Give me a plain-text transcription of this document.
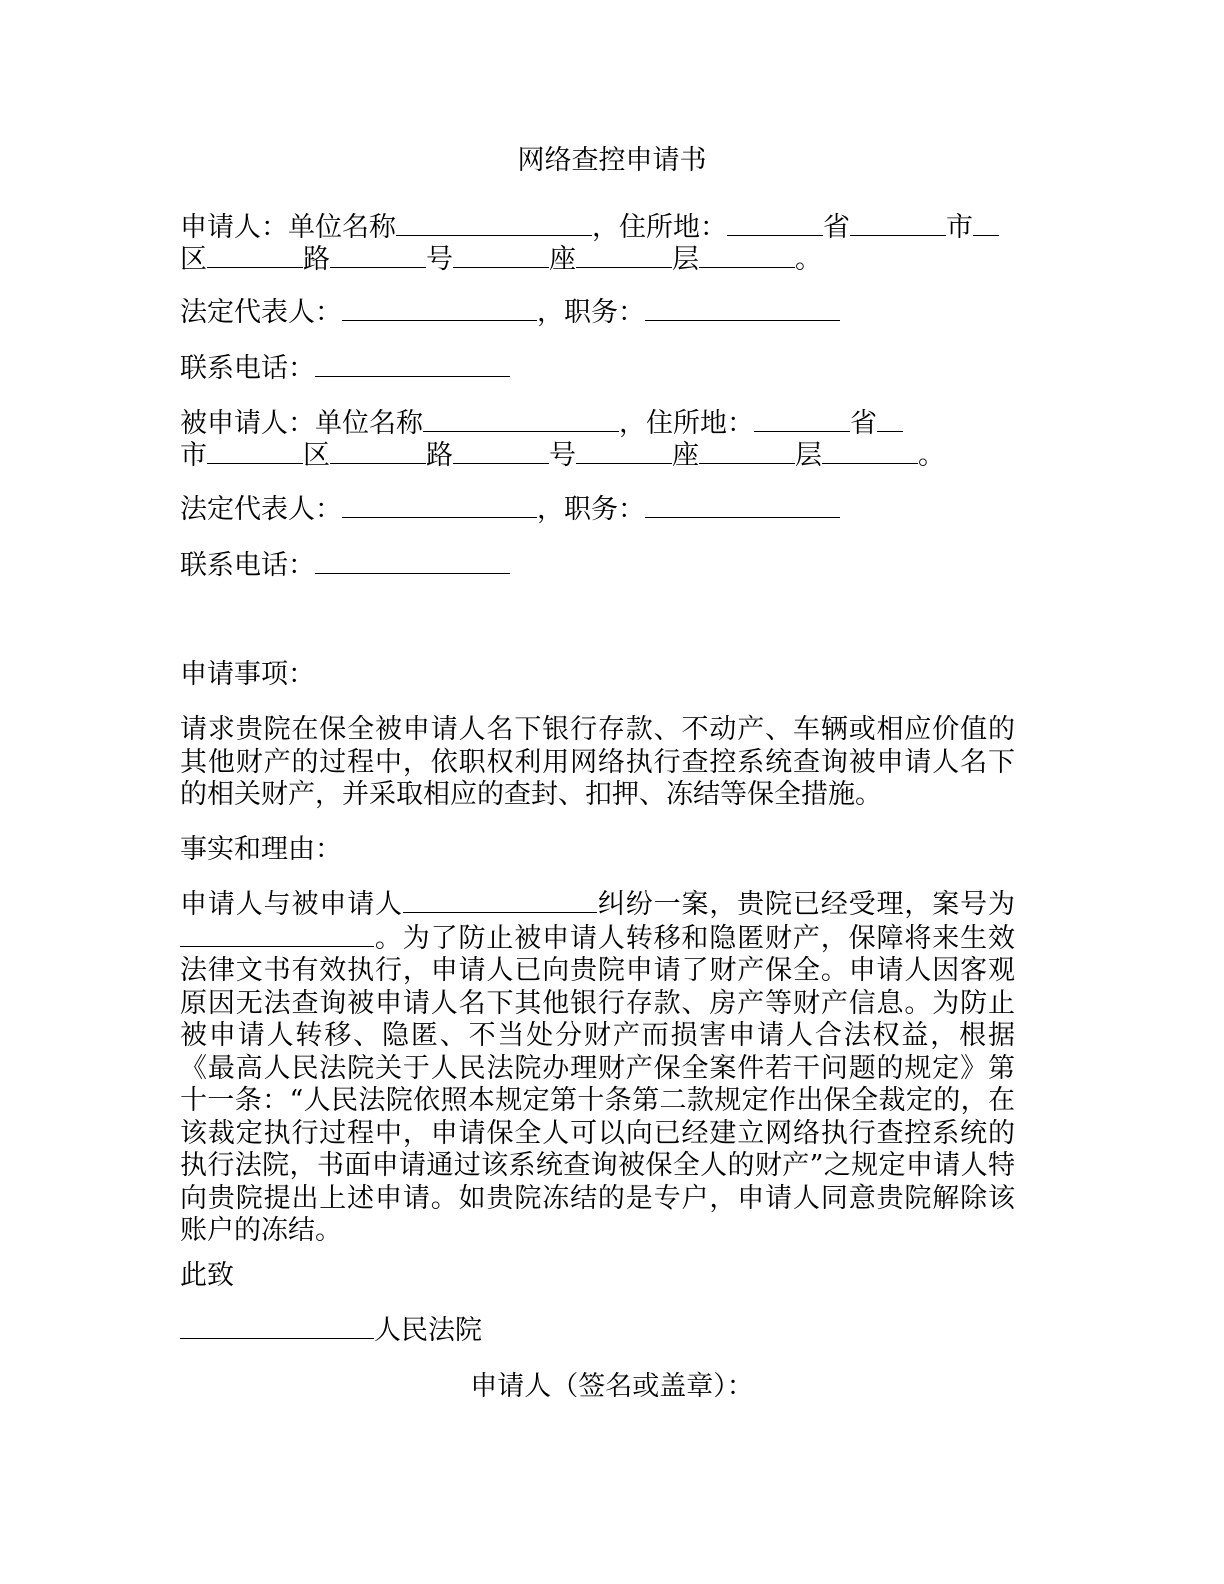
网络查控申请书
申请人：单位名称	，住所地：	省	市
区	路	号	座	层	。
法定代表人：	，职务：
联系电话：
被申请人：单位名称	，住所地：	省
市	区	路	号	座	层	。
法定代表人：	，职务：
联系电话：
申请事项：
请求贵院在保全被申请人名下银行存款、不动产、车辆或相应价值的其他财产的过程中，依职权利用网络执行查控系统查询被申请人名下的相关财产，并采取相应的查封、扣押、冻结等保全措施。
事实和理由：
申请人与被申请人	纠纷一案，贵院已经受理，案号为。为了防止被申请人转移和隐匿财产，保障将来生效法律文书有效执行，申请人已向贵院申请了财产保全。申请人因客观原因无法查询被申请人名下其他银行存款、房产等财产信息。为防止被申请人转移、隐匿、不当处分财产而损害申请人合法权益，根据《最高人民法院关于人民法院办理财产保全案件若干问题的规定》第十一条：“人民法院依照本规定第十条第二款规定作出保全裁定的，在该裁定执行过程中，申请保全人可以向已经建立网络执行查控系统的执行法院，书面申请通过该系统查询被保全人的财产”之规定申请人特向贵院提出上述申请。如贵院冻结的是专户，申请人同意贵院解除该账户的冻结。
此致
人民法院
申请人（签名或盖章）：
